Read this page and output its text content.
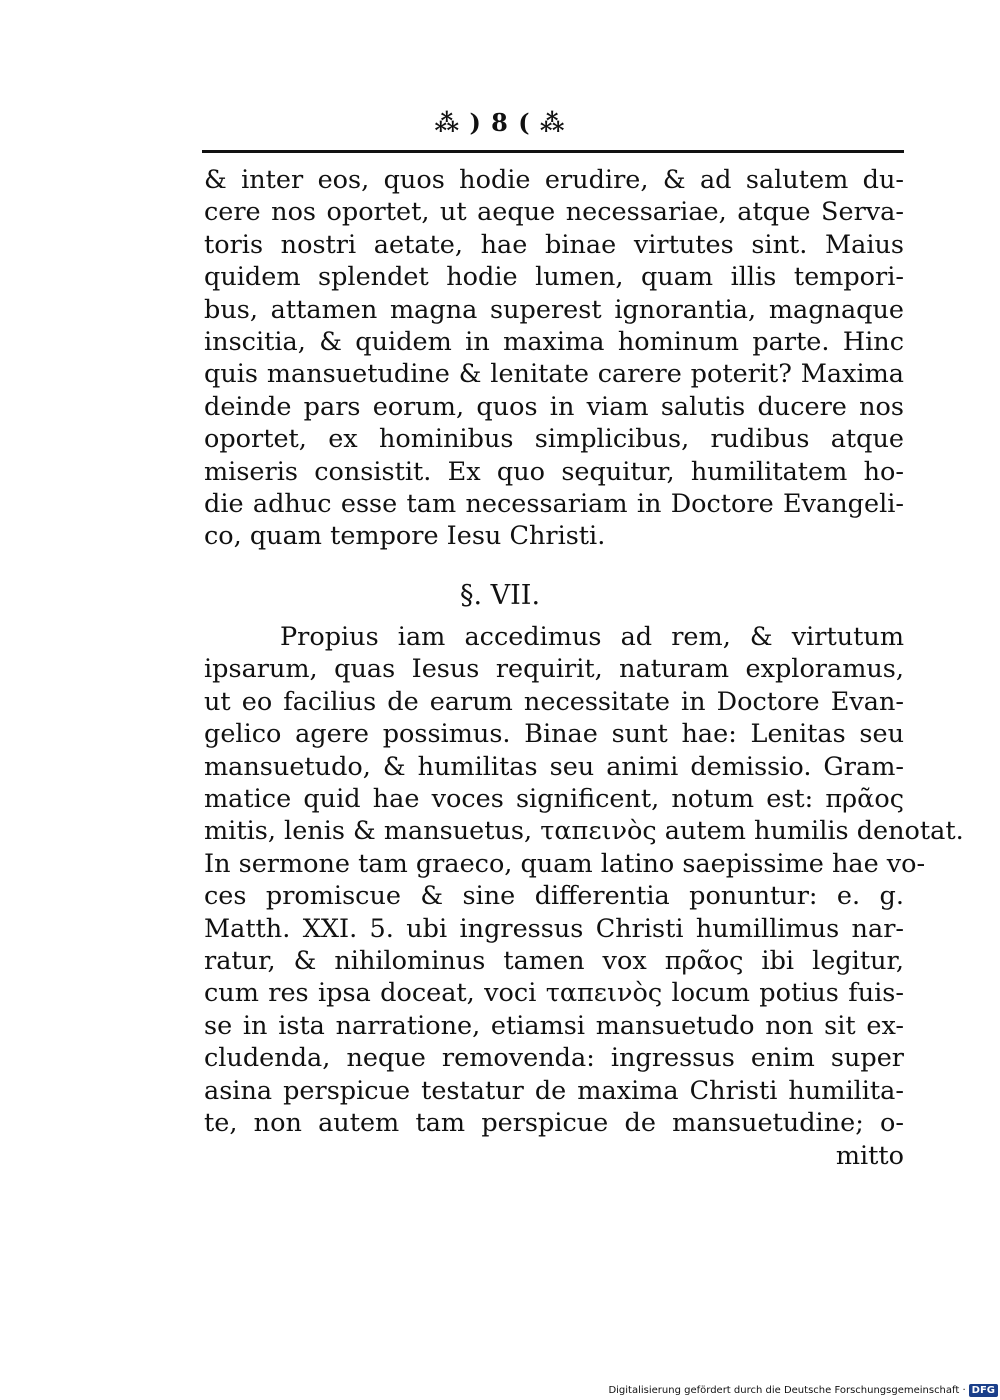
⁂ ) 8 ( ⁂
& inter eos, quos hodie erudire, & ad salutem du-
cere nos oportet, ut aeque necessariae, atque Serva-
toris nostri aetate, hae binae virtutes sint. Maius
quidem splendet hodie lumen, quam illis tempori-
bus, attamen magna superest ignorantia, magnaque
inscitia, & quidem in maxima hominum parte. Hinc
quis mansuetudine & lenitate carere poterit? Maxima
deinde pars eorum, quos in viam salutis ducere nos
oportet, ex hominibus simplicibus, rudibus atque
miseris consistit. Ex quo sequitur, humilitatem ho-
die adhuc esse tam necessariam in Doctore Evangeli-
co, quam tempore Iesu Christi.
§. VII.
Propius iam accedimus ad rem, & virtutum
ipsarum, quas Iesus requirit, naturam exploramus,
ut eo facilius de earum necessitate in Doctore Evan-
gelico agere possimus. Binae sunt hae: Lenitas seu
mansuetudo, & humilitas seu animi demissio. Gram-
matice quid hae voces significent, notum est: πρᾶος
mitis, lenis & mansuetus, ταπεινὸς autem humilis denotat.
In sermone tam graeco, quam latino saepissime hae vo-
ces promiscue & sine differentia ponuntur: e. g.
Matth. XXI. 5. ubi ingressus Christi humillimus nar-
ratur, & nihilominus tamen vox πρᾶος ibi legitur,
cum res ipsa doceat, voci ταπεινὸς locum potius fuis-
se in ista narratione, etiamsi mansuetudo non sit ex-
cludenda, neque removenda: ingressus enim super
asina perspicue testatur de maxima Christi humilita-
te, non autem tam perspicue de mansuetudine; o-
mitto
Digitalisierung gefördert durch die Deutsche Forschungsgemeinschaft · DFG
